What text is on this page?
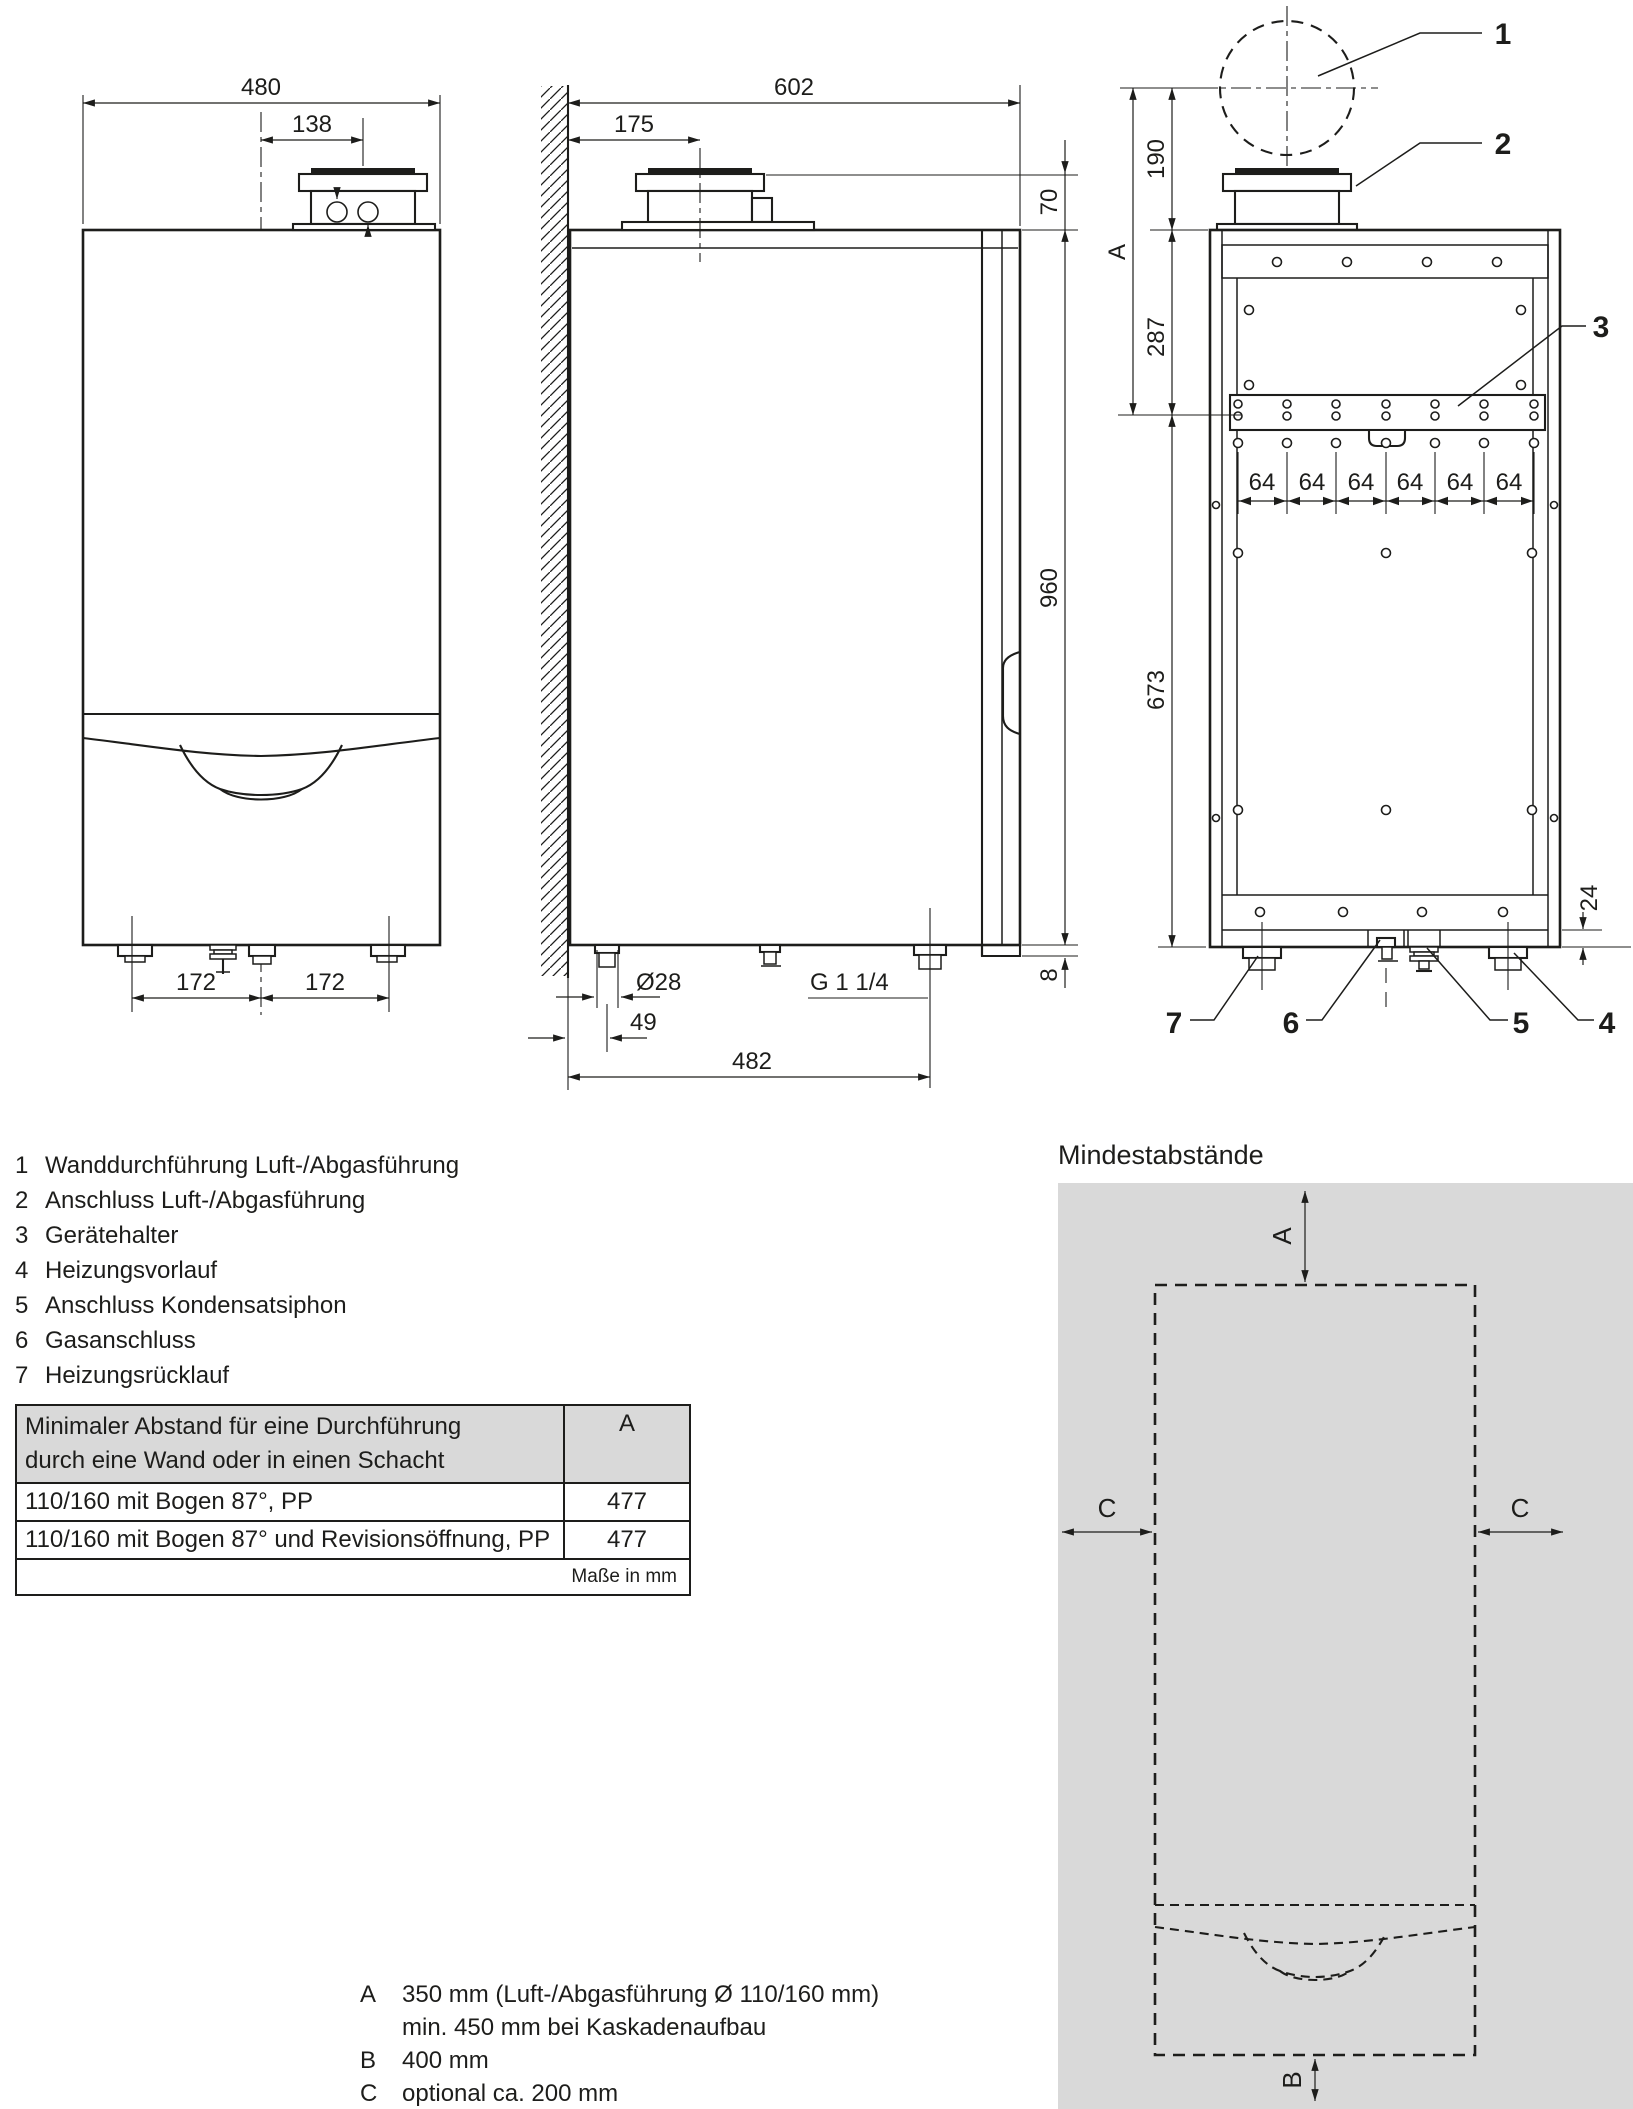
480
138
172	172
602
175
70
960
8
Ø28
49
G 1 1/4
482
A
190
287
673
24
64 64 64 64 64 64
1
2
3
7	6	5 4
1 Wanddurchführung Luft-/Abgasführung
2 Anschluss Luft-/Abgasführung
3 Gerätehalter
4 Heizungsvorlauf
5 Anschluss Kondensatsiphon
6 Gasanschluss
7 Heizungsrücklauf
Minimaler Abstand für eine Durchführung
durch eine Wand oder in einen Schacht
A
110/160 mit Bogen 87°, PP	477
110/160 mit Bogen 87° und Revisionsöffnung, PP	477
Maße in mm
Mindestabstände
A
C	C
B
A	350 mm (Luft-/Abgasführung Ø 110/160 mm)
min. 450 mm bei Kaskadenaufbau
B	400 mm
C	optional ca. 200 mm
